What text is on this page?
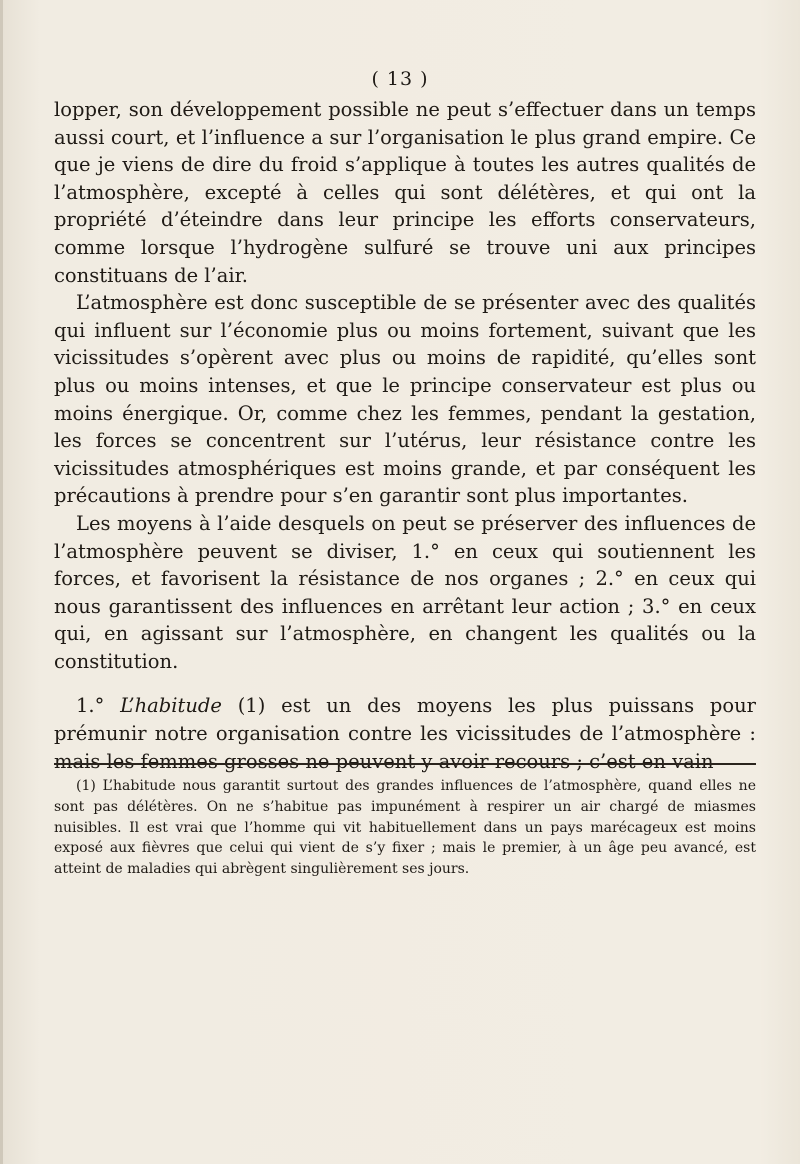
( 13 )

lopper, son développement possible ne peut s’effectuer dans un temps aussi court, et l’influence a sur l’organisation le plus grand empire. Ce que je viens de dire du froid s’applique à toutes les autres qualités de l’atmosphère, excepté à celles qui sont délétères, et qui ont la propriété d’éteindre dans leur principe les efforts conservateurs, comme lorsque l’hydrogène sulfuré se trouve uni aux principes constituans de l’air.

L’atmosphère est donc susceptible de se présenter avec des qualités qui influent sur l’économie plus ou moins fortement, suivant que les vicissitudes s’opèrent avec plus ou moins de rapidité, qu’elles sont plus ou moins intenses, et que le principe conservateur est plus ou moins énergique. Or, comme chez les femmes, pendant la gestation, les forces se concentrent sur l’utérus, leur résistance contre les vicissitudes atmosphériques est moins grande, et par conséquent les précautions à prendre pour s’en garantir sont plus importantes.

Les moyens à l’aide desquels on peut se préserver des influences de l’atmosphère peuvent se diviser, 1.° en ceux qui soutiennent les forces, et favorisent la résistance de nos organes ; 2.° en ceux qui nous garantissent des influences en arrêtant leur action ; 3.° en ceux qui, en agissant sur l’atmosphère, en changent les qualités ou la constitution.

1.° L’habitude (1) est un des moyens les plus puissans pour prémunir notre organisation contre les vicissitudes de l’atmosphère : mais les femmes grosses ne peuvent y avoir recours ; c’est en vain

(1) L’habitude nous garantit surtout des grandes influences de l’atmosphère, quand elles ne sont pas délétères. On ne s’habitue pas impunément à respirer un air chargé de miasmes nuisibles. Il est vrai que l’homme qui vit habituellement dans un pays marécageux est moins exposé aux fièvres que celui qui vient de s’y fixer ; mais le premier, à un âge peu avancé, est atteint de maladies qui abrègent singulièrement ses jours.
